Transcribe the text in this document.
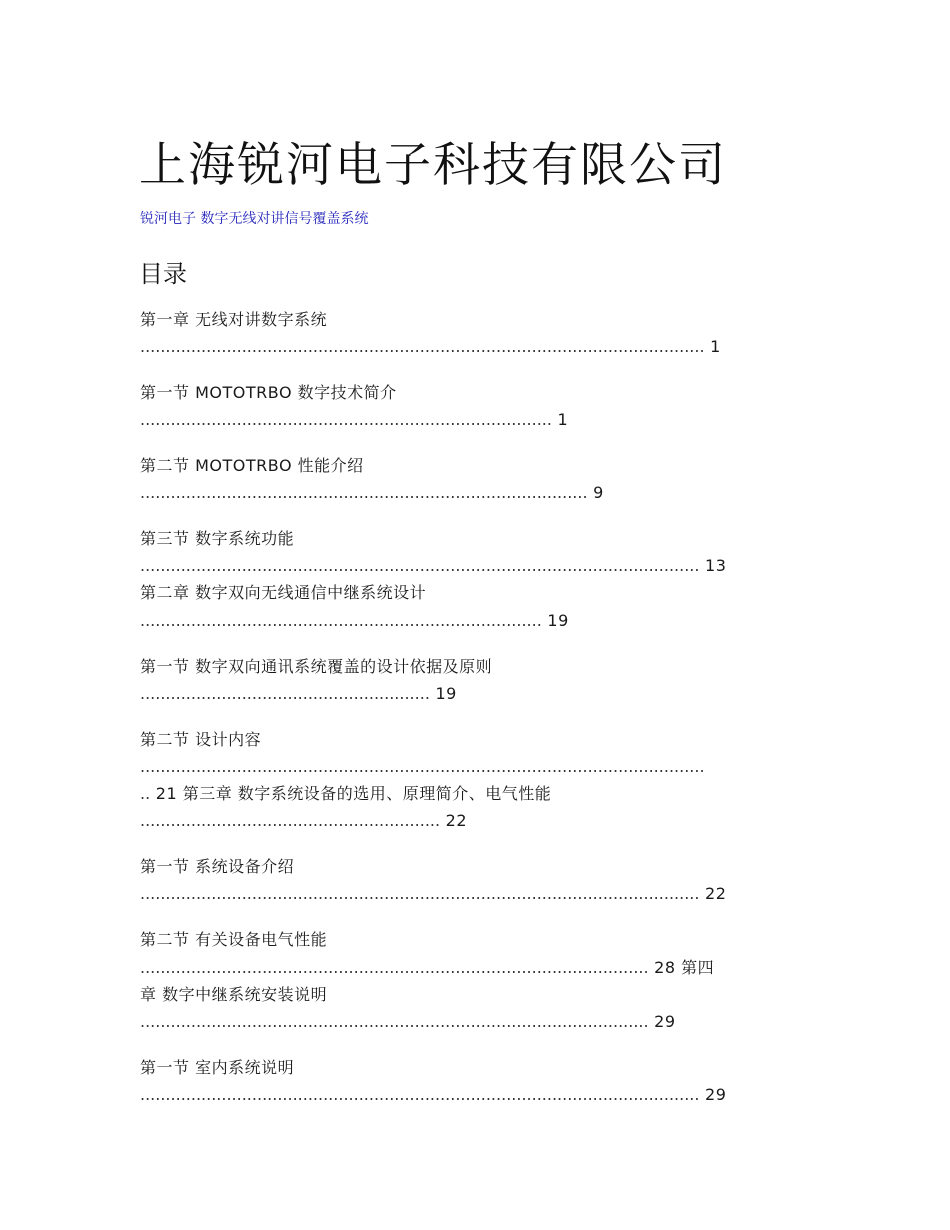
上海锐河电子科技有限公司
锐河电子 数字无线对讲信号覆盖系统
目录
第一章 无线对讲数字系统
............................................................................................................... 1
第一节 MOTOTRBO 数字技术简介
................................................................................. 1
第二节 MOTOTRBO 性能介绍
........................................................................................ 9
第三节 数字系统功能
.............................................................................................................. 13
第二章 数字双向无线通信中继系统设计
............................................................................... 19
第一节 数字双向通讯系统覆盖的设计依据及原则
......................................................... 19
第二节 设计内容
...............................................................................................................
.. 21 第三章 数字系统设备的选用、原理简介、电气性能
........................................................... 22
第一节 系统设备介绍
.............................................................................................................. 22
第二节 有关设备电气性能
.................................................................................................... 28 第四
章 数字中继系统安装说明
.................................................................................................... 29
第一节 室内系统说明
.............................................................................................................. 29
